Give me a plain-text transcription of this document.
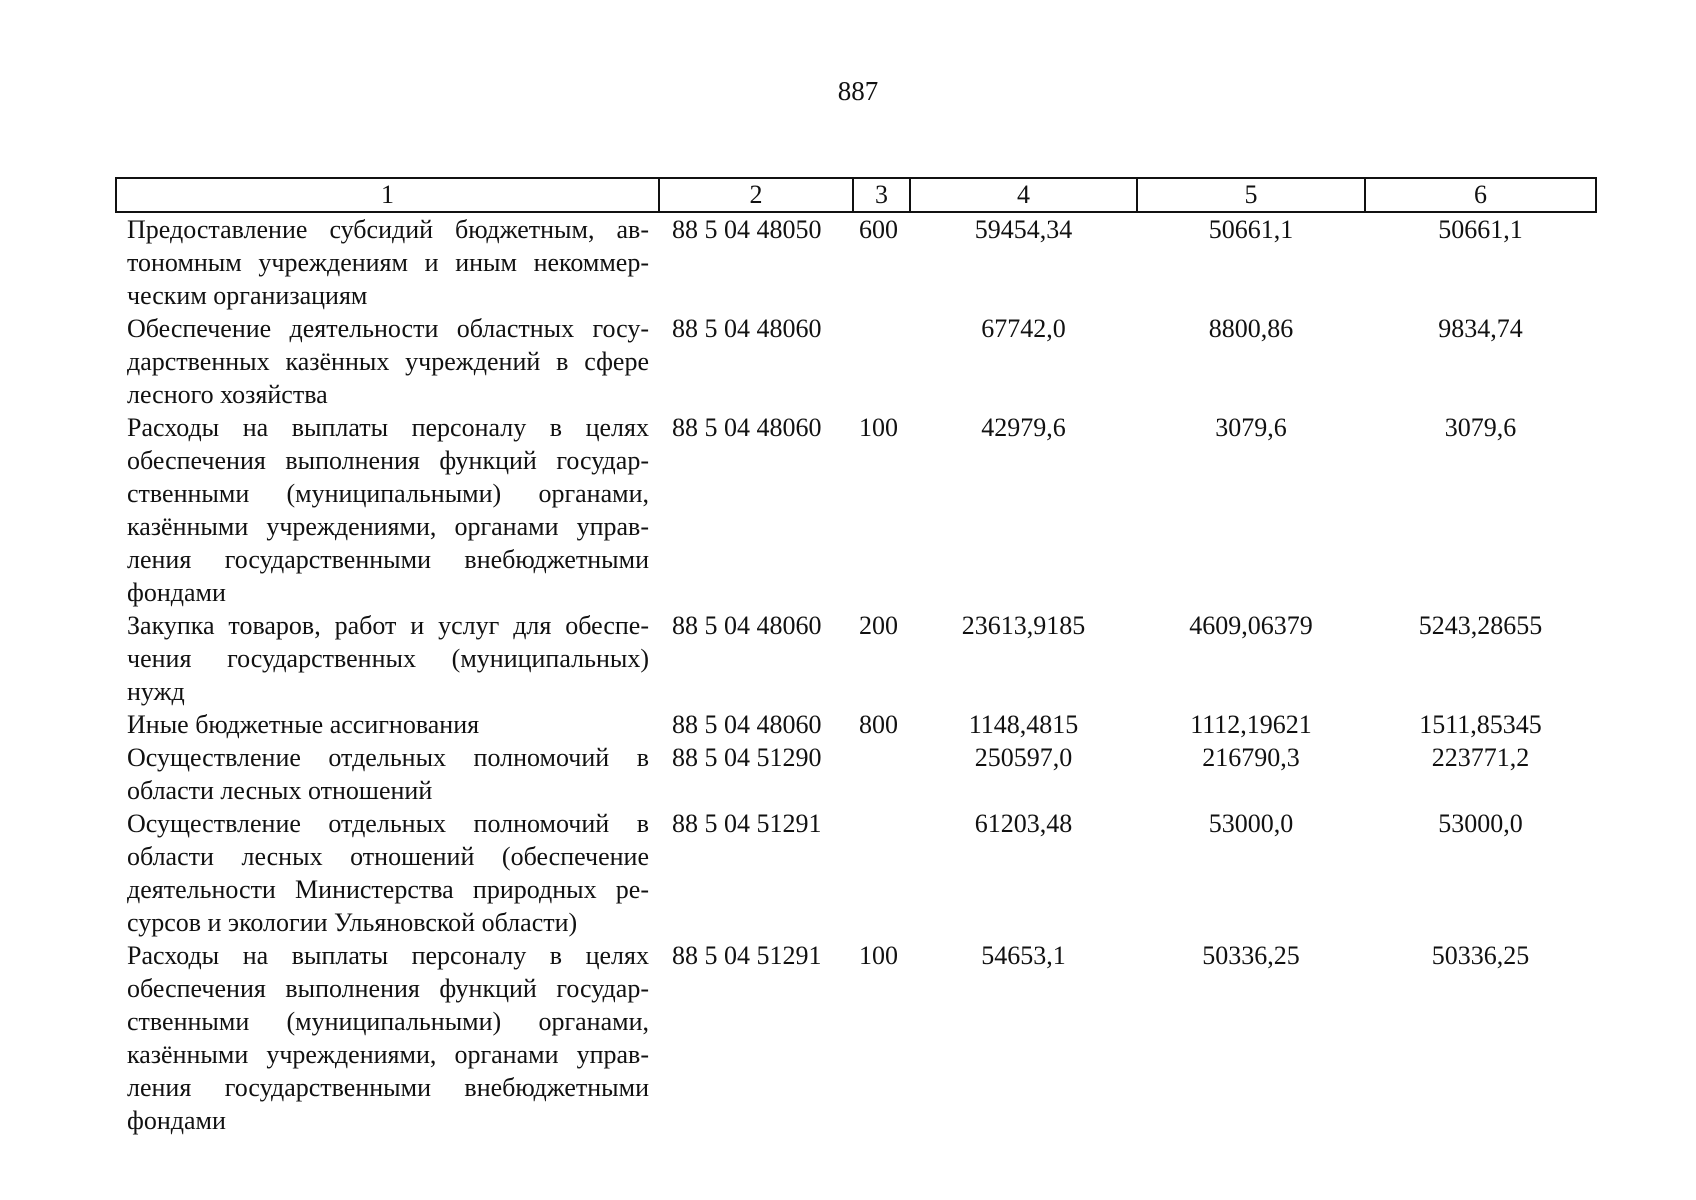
887
1	2	3	4	5	6
Предоставление субсидий бюджетным, автономным учреждениям и иным некоммерческим организациям	88 5 04 48050	600	59454,34	50661,1	50661,1
Обеспечение деятельности областных государственных казённых учреждений в сфере лесного хозяйства	88 5 04 48060		67742,0	8800,86	9834,74
Расходы на выплаты персоналу в целях обеспечения выполнения функций государственными (муниципальными) органами, казёнными учреждениями, органами управления государственными внебюджетными фондами	88 5 04 48060	100	42979,6	3079,6	3079,6
Закупка товаров, работ и услуг для обеспечения государственных (муниципальных) нужд	88 5 04 48060	200	23613,9185	4609,06379	5243,28655
Иные бюджетные ассигнования	88 5 04 48060	800	1148,4815	1112,19621	1511,85345
Осуществление отдельных полномочий в области лесных отношений	88 5 04 51290		250597,0	216790,3	223771,2
Осуществление отдельных полномочий в области лесных отношений (обеспечение деятельности Министерства природных ресурсов и экологии Ульяновской области)	88 5 04 51291		61203,48	53000,0	53000,0
Расходы на выплаты персоналу в целях обеспечения выполнения функций государственными (муниципальными) органами, казёнными учреждениями, органами управления государственными внебюджетными фондами	88 5 04 51291	100	54653,1	50336,25	50336,25
